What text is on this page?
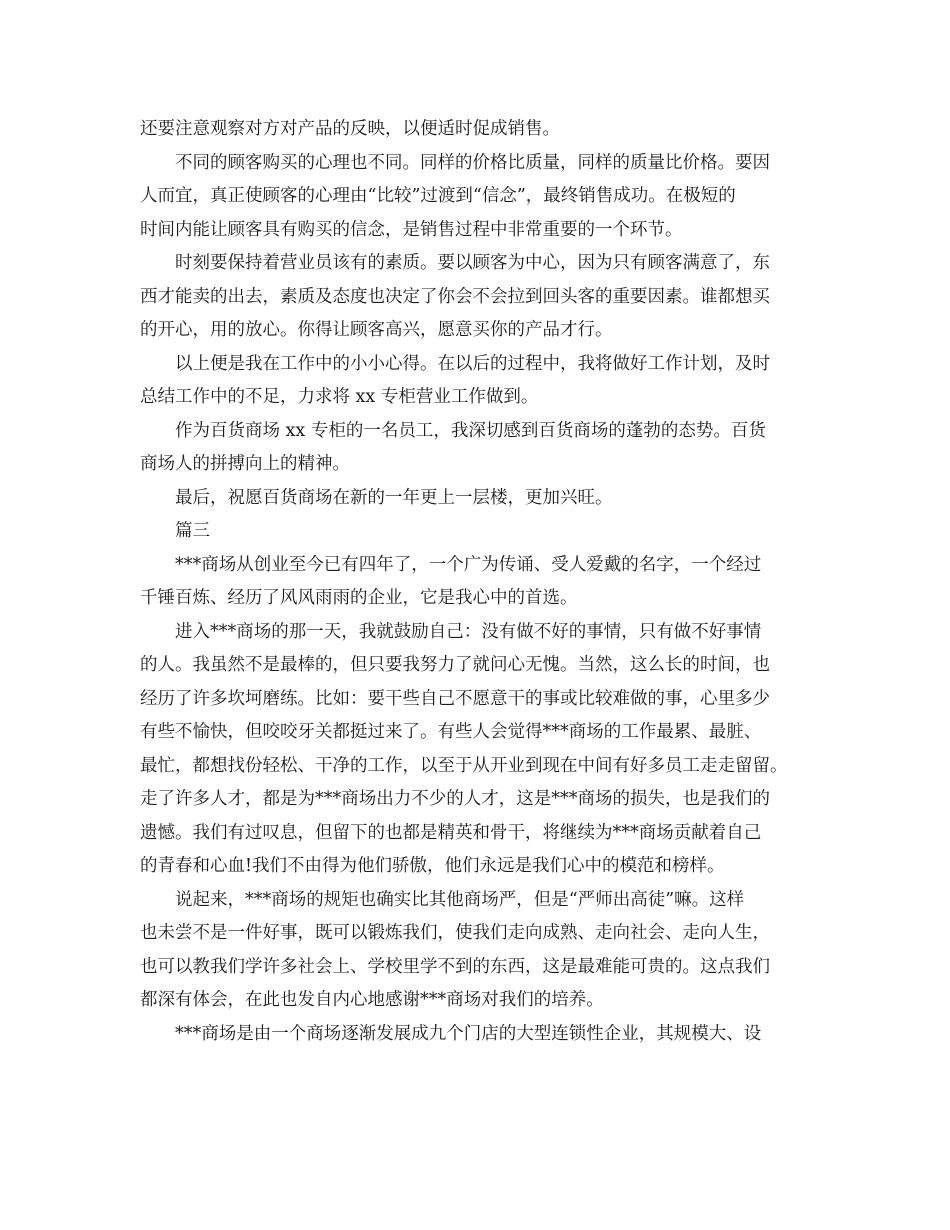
还要注意观察对方对产品的反映，以便适时促成销售。

不同的顾客购买的心理也不同。同样的价格比质量，同样的质量比价格。要因

人而宜，真正使顾客的心理由“比较”过渡到“信念”，最终销售成功。在极短的

时间内能让顾客具有购买的信念，是销售过程中非常重要的一个环节。

时刻要保持着营业员该有的素质。要以顾客为中心，因为只有顾客满意了，东

西才能卖的出去，素质及态度也决定了你会不会拉到回头客的重要因素。谁都想买

的开心，用的放心。你得让顾客高兴，愿意买你的产品才行。

以上便是我在工作中的小小心得。在以后的过程中，我将做好工作计划，及时

总结工作中的不足，力求将 xx 专柜营业工作做到。

作为百货商场 xx 专柜的一名员工，我深切感到百货商场的蓬勃的态势。百货

商场人的拼搏向上的精神。

最后，祝愿百货商场在新的一年更上一层楼，更加兴旺。

篇三

***商场从创业至今已有四年了，一个广为传诵、受人爱戴的名字，一个经过

千锤百炼、经历了风风雨雨的企业，它是我心中的首选。

进入***商场的那一天，我就鼓励自己：没有做不好的事情，只有做不好事情

的人。我虽然不是最棒的，但只要我努力了就问心无愧。当然，这么长的时间，也

经历了许多坎坷磨练。比如：要干些自己不愿意干的事或比较难做的事，心里多少

有些不愉快，但咬咬牙关都挺过来了。有些人会觉得***商场的工作最累、最脏、

最忙，都想找份轻松、干净的工作，以至于从开业到现在中间有好多员工走走留留。

走了许多人才，都是为***商场出力不少的人才，这是***商场的损失，也是我们的

遗憾。我们有过叹息，但留下的也都是精英和骨干，将继续为***商场贡献着自己

的青春和心血!我们不由得为他们骄傲，他们永远是我们心中的模范和榜样。

说起来，***商场的规矩也确实比其他商场严，但是“严师出高徒”嘛。这样

也未尝不是一件好事，既可以锻炼我们，使我们走向成熟、走向社会、走向人生，

也可以教我们学许多社会上、学校里学不到的东西，这是最难能可贵的。这点我们

都深有体会，在此也发自内心地感谢***商场对我们的培养。

***商场是由一个商场逐渐发展成九个门店的大型连锁性企业，其规模大、设
